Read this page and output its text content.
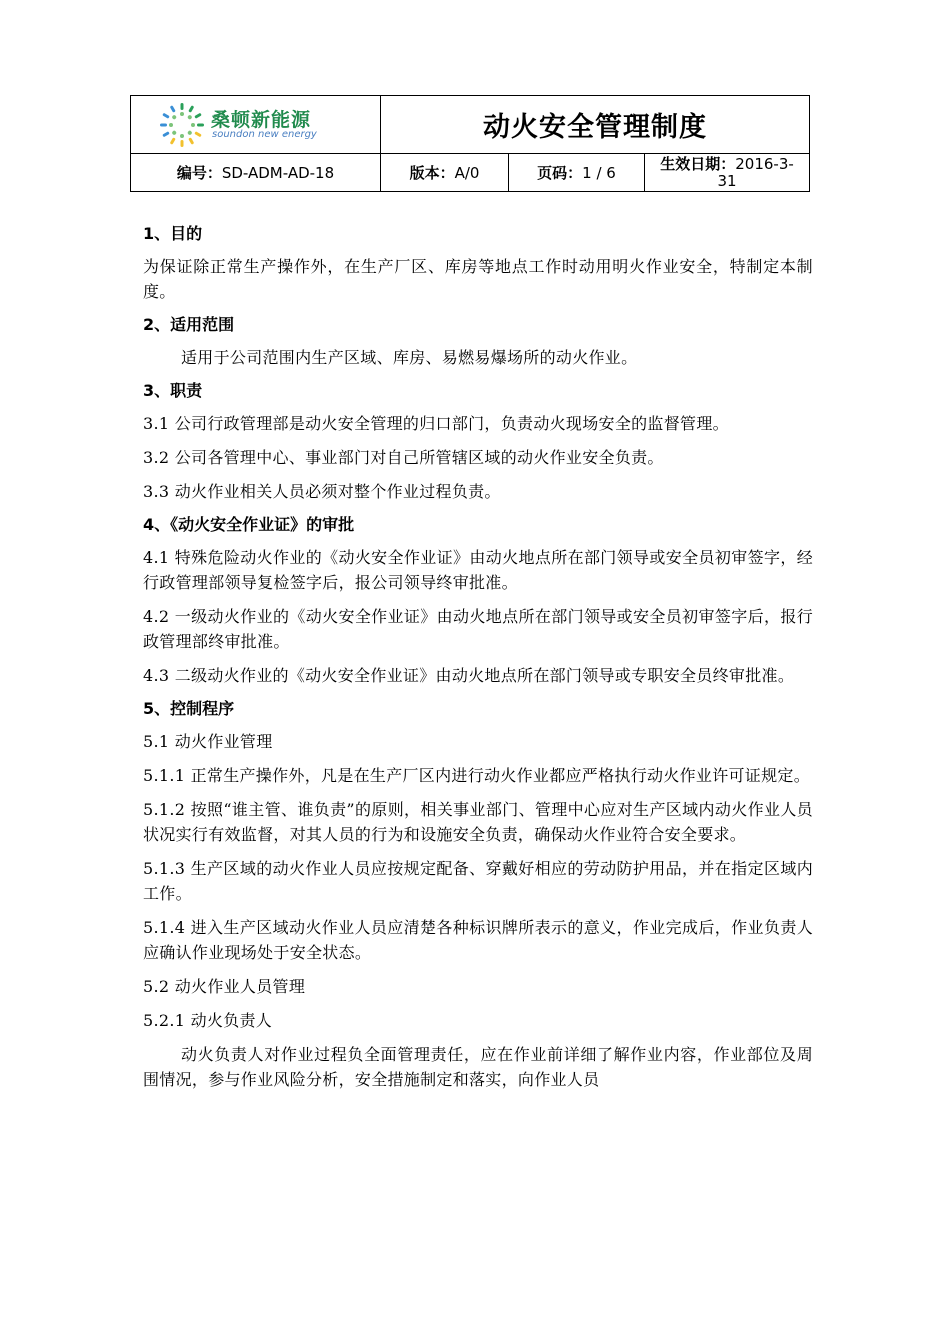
桑顿新能源
soundon new energy	动火安全管理制度
编号： SD-ADM-AD-18	版本： A/0	页码： 1 / 6	生效日期：2016-3-31

1、目的

为保证除正常生产操作外，在生产厂区、库房等地点工作时动用明火作业安全，特制定本制度。

2、适用范围

适用于公司范围内生产区域、库房、易燃易爆场所的动火作业。

3、职责

3.1 公司行政管理部是动火安全管理的归口部门，负责动火现场安全的监督管理。

3.2 公司各管理中心、事业部门对自己所管辖区域的动火作业安全负责。

3.3 动火作业相关人员必须对整个作业过程负责。

4、《动火安全作业证》的审批

4.1 特殊危险动火作业的《动火安全作业证》由动火地点所在部门领导或安全员初审签字，经行政管理部领导复检签字后，报公司领导终审批准。

4.2 一级动火作业的《动火安全作业证》由动火地点所在部门领导或安全员初审签字后，报行政管理部终审批准。

4.3 二级动火作业的《动火安全作业证》由动火地点所在部门领导或专职安全员终审批准。

5、控制程序

5.1 动火作业管理

5.1.1 正常生产操作外，凡是在生产厂区内进行动火作业都应严格执行动火作业许可证规定。

5.1.2 按照“谁主管、谁负责”的原则，相关事业部门、管理中心应对生产区域内动火作业人员状况实行有效监督，对其人员的行为和设施安全负责，确保动火作业符合安全要求。

5.1.3 生产区域的动火作业人员应按规定配备、穿戴好相应的劳动防护用品，并在指定区域内工作。

5.1.4 进入生产区域动火作业人员应清楚各种标识牌所表示的意义，作业完成后，作业负责人应确认作业现场处于安全状态。

5.2 动火作业人员管理

5.2.1 动火负责人

动火负责人对作业过程负全面管理责任，应在作业前详细了解作业内容，作业部位及周围情况，参与作业风险分析，安全措施制定和落实，向作业人员
